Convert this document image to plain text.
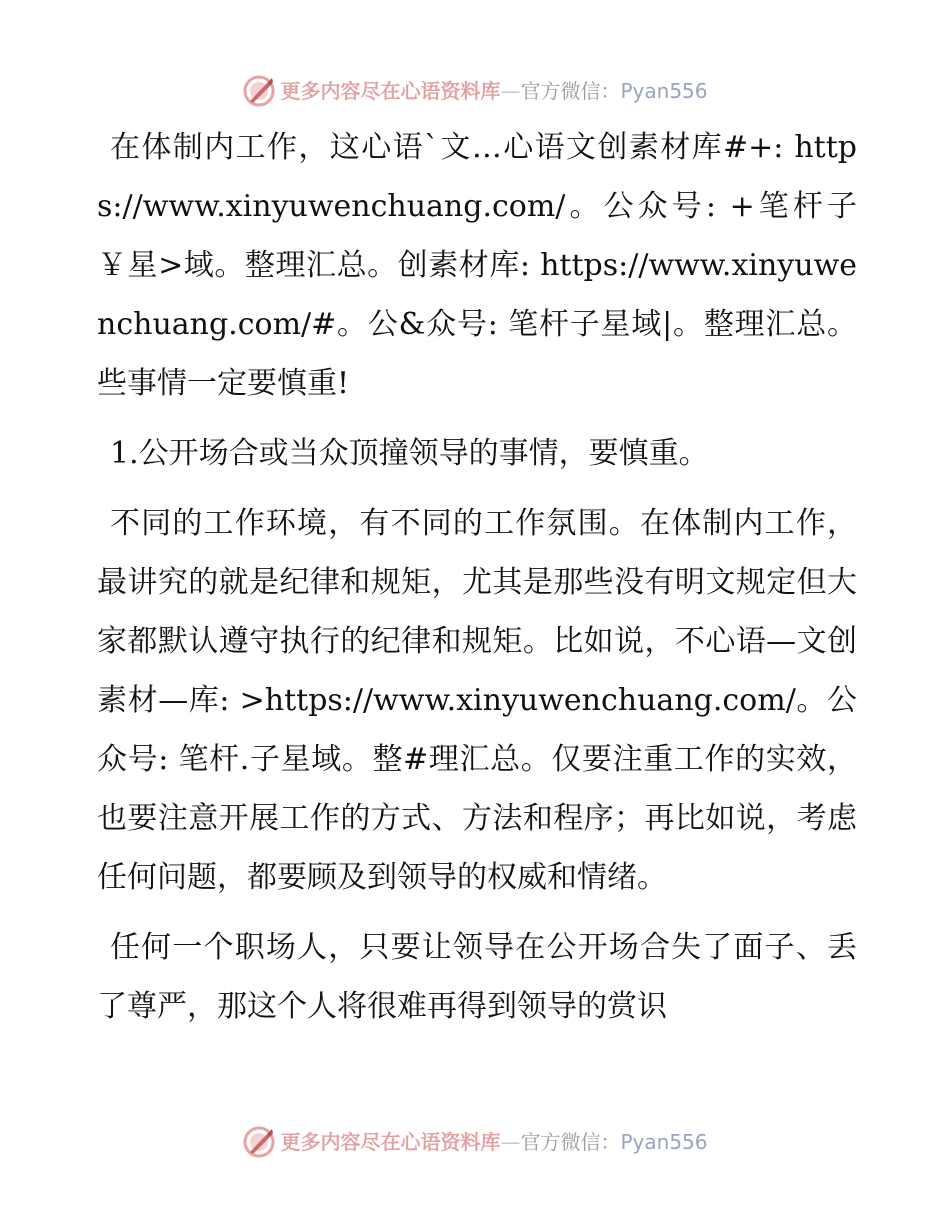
更多内容尽在心语资料库 — 官方微信： Pyan556

在体制内工作，这心语`文…心语文创素材库#+: https://www.xinyuwenchuang.com/。公众号: +笔杆子￥星>域。整理汇总。创素材库: https://www.xinyuwenchuang.com/#。公&众号: 笔杆子星域|。整理汇总。些事情一定要慎重!

1.公开场合或当众顶撞领导的事情，要慎重。

不同的工作环境，有不同的工作氛围。在体制内工作，最讲究的就是纪律和规矩，尤其是那些没有明文规定但大家都默认遵守执行的纪律和规矩。比如说，不心语—文创素材—库: >https://www.xinyuwenchuang.com/。公众号: 笔杆.子星域。整#理汇总。仅要注重工作的实效，也要注意开展工作的方式、方法和程序；再比如说，考虑任何问题，都要顾及到领导的权威和情绪。

任何一个职场人，只要让领导在公开场合失了面子、丢了尊严，那这个人将很难再得到领导的赏识

更多内容尽在心语资料库 — 官方微信： Pyan556
